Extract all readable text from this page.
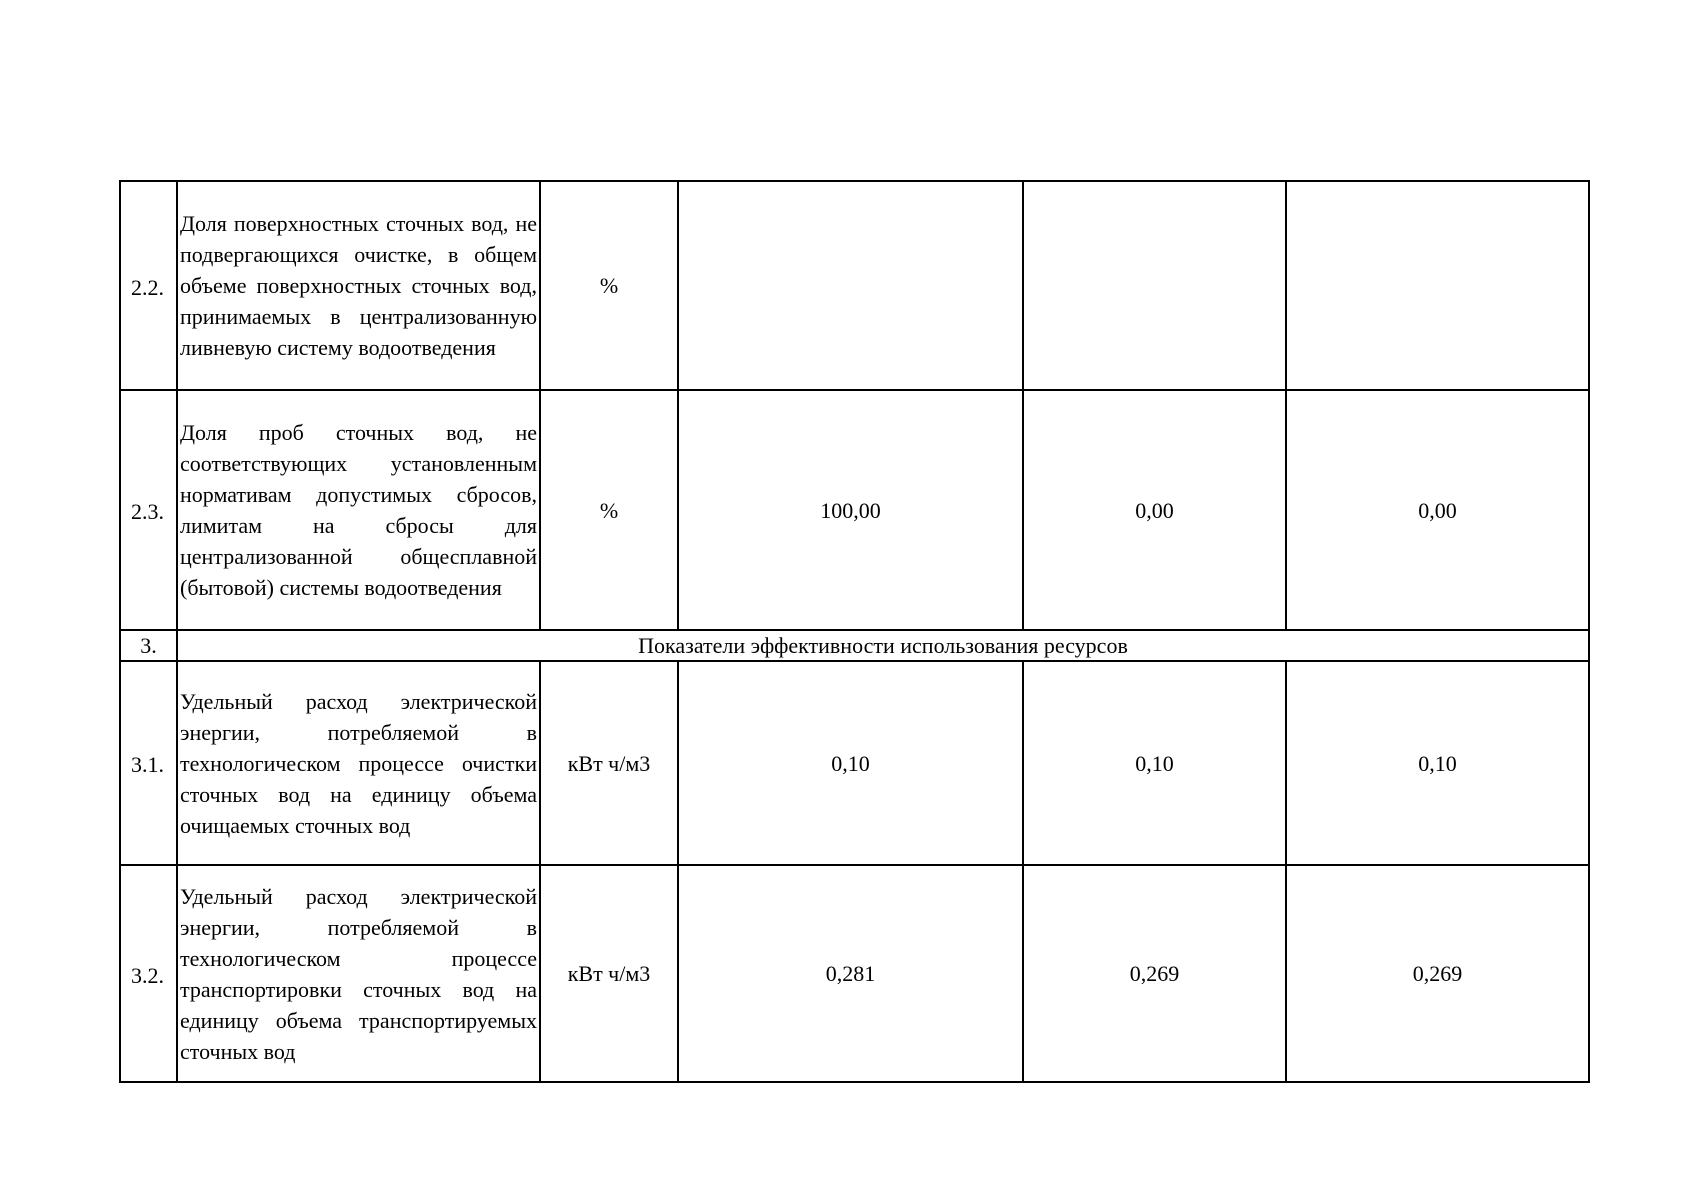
2.2.	Доля поверхностных сточных вод, не подвергающихся очистке, в общем объеме поверхностных сточных вод, принимаемых в централизованную ливневую систему водоотведения	%			
2.3.	Доля проб сточных вод, не соответствующих установленным нормативам допустимых сбросов, лимитам на сбросы для централизованной общесплавной (бытовой) системы водоотведения	%	100,00	0,00	0,00
3.	Показатели эффективности использования ресурсов				
3.1.	Удельный расход электрической энергии, потребляемой в технологическом процессе очистки сточных вод на единицу объема очищаемых сточных вод	кВт ч/м3	0,10	0,10	0,10
3.2.	Удельный расход электрической энергии, потребляемой в технологическом процессе транспортировки сточных вод на единицу объема транспортируемых сточных вод	кВт ч/м3	0,281	0,269	0,269
